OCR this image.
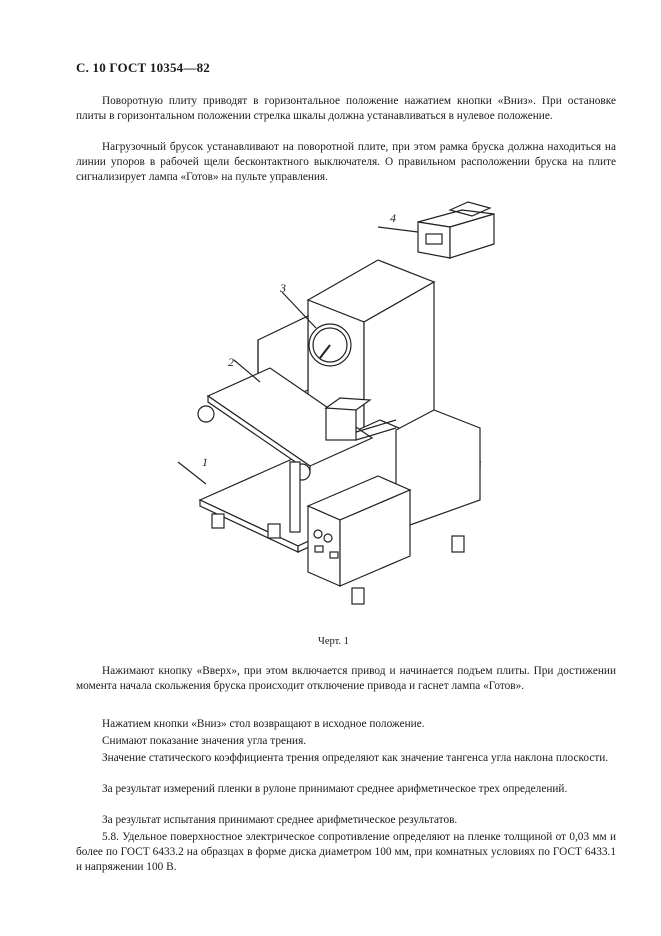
С. 10 ГОСТ 10354—82

Поворотную плиту приводят в горизонтальное положение нажатием кнопки «Вниз». При остановке плиты в горизонтальном положении стрелка шкалы должна устанавливаться в нулевое положение.

Нагрузочный брусок устанавливают на поворотной плите, при этом рамка бруска должна находиться на линии упоров в рабочей щели бесконтактного выключателя. О правильном расположении бруска на плите сигнализирует лампа «Готов» на пульте управления.

4
3
2
1
Черт. 1

Нажимают кнопку «Вверх», при этом включается привод и начинается подъем плиты. При достижении момента начала скольжения бруска происходит отключение привода и гаснет лампа «Готов».

Нажатием кнопки «Вниз» стол возвращают в исходное положение.

Снимают показание значения угла трения.

Значение статического коэффициента трения определяют как значение тангенса угла наклона плоскости.

За результат измерений пленки в рулоне принимают среднее арифметическое трех определений.

За результат испытания принимают среднее арифметическое результатов.

5.8. Удельное поверхностное электрическое сопротивление определяют на пленке толщиной от 0,03 мм и более по ГОСТ 6433.2 на образцах в форме диска диаметром 100 мм, при комнатных условиях по ГОСТ 6433.1 и напряжении 100 В.
